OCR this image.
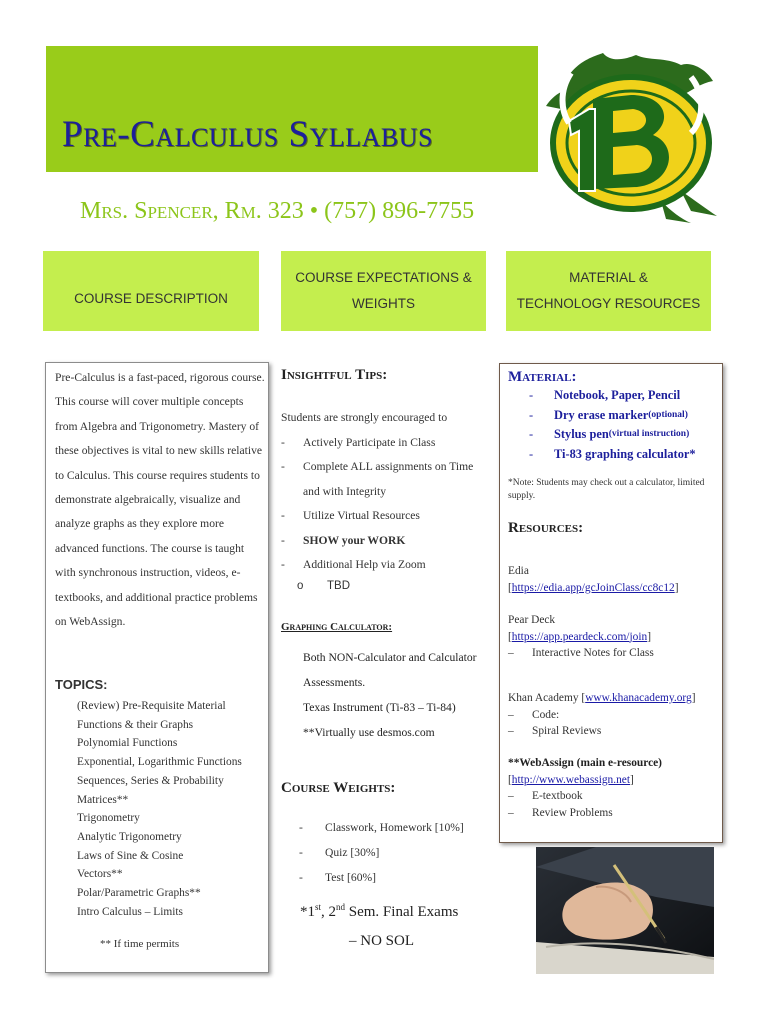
Pre-Calculus Syllabus
Mrs. Spencer, Rm. 323 • (757) 896-7755
COURSE DESCRIPTION
COURSE EXPECTATIONS &
WEIGHTS
MATERIAL &
TECHNOLOGY RESOURCES
Pre-Calculus is a fast-paced, rigorous course. This course will cover multiple concepts from Algebra and Trigonometry. Mastery of these objectives is vital to new skills relative to Calculus. This course requires students to demonstrate algebraically, visualize and analyze graphs as they explore more advanced functions. The course is taught with synchronous instruction, videos, e-textbooks, and additional practice problems on WebAssign.
TOPICS:
(Review) Pre-Requisite Material
Functions & their Graphs
Polynomial Functions
Exponential, Logarithmic Functions
Sequences, Series & Probability
Matrices**
Trigonometry
Analytic Trigonometry
Laws of Sine & Cosine
Vectors**
Polar/Parametric Graphs**
Intro Calculus – Limits
** If time permits
Insightful Tips:
Students are strongly encouraged to
-	Actively Participate in Class
-	Complete ALL assignments on Time and with Integrity
-	Utilize Virtual Resources
-	SHOW your WORK
-	Additional Help via Zoom
o TBD
Graphing Calculator:
Both NON-Calculator and Calculator Assessments.
Texas Instrument (Ti-83 – Ti-84)
**Virtually use desmos.com
Course Weights:
-	Classwork, Homework [10%]
-	Quiz [30%]
-	Test [60%]
*1st, 2nd Sem. Final Exams
– NO SOL
Material:
-	Notebook, Paper, Pencil
-	Dry erase marker (optional)
-	Stylus pen (virtual instruction)
-	Ti-83 graphing calculator*
*Note: Students may check out a calculator, limited supply.
Resources:
Edia
[https://edia.app/gcJoinClass/cc8c12]
Pear Deck
[https://app.peardeck.com/join]
–	Interactive Notes for Class
Khan Academy [www.khanacademy.org]
–	Code:
–	Spiral Reviews
**WebAssign (main e-resource)
[http://www.webassign.net]
–	E-textbook
–	Review Problems
